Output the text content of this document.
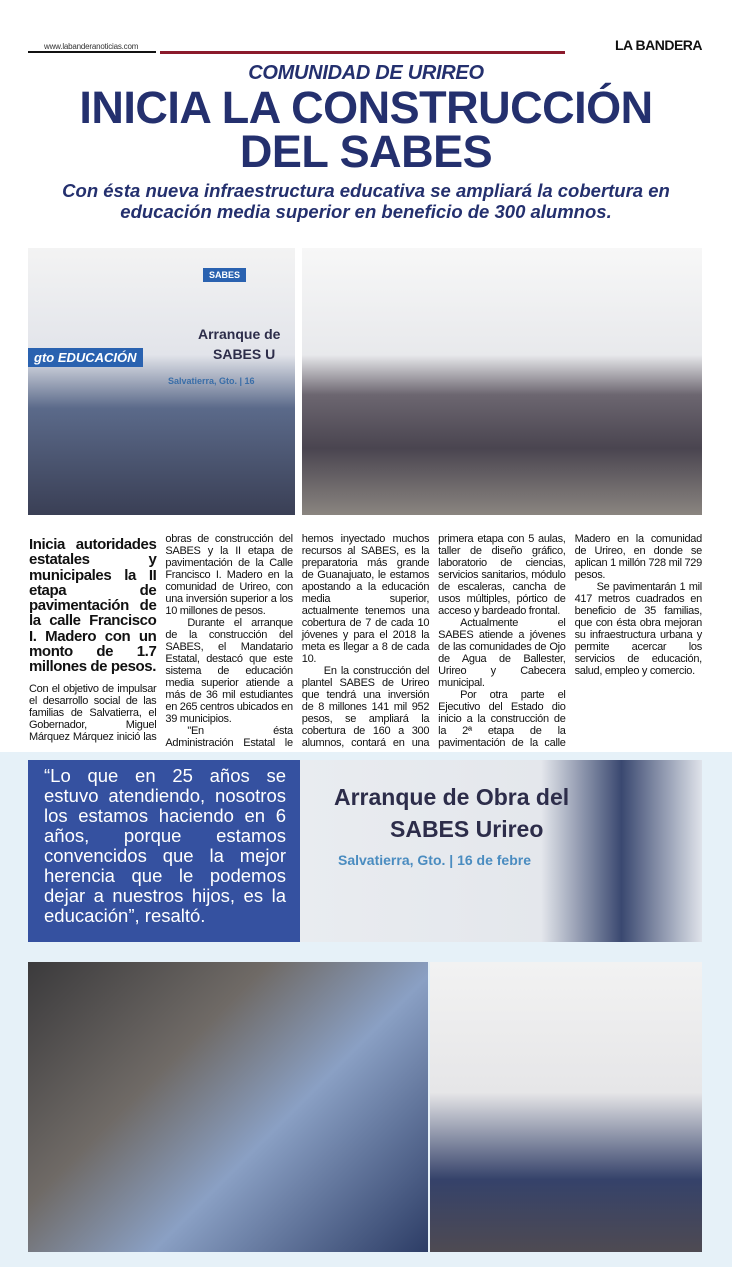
www.labanderanoticias.com	LA BANDERA
COMUNIDAD DE URIREO
INICIA LA CONSTRUCCIÓN
DEL SABES
Con ésta nueva infraestructura educativa se ampliará la cobertura en educación media superior en beneficio de 300 alumnos.
SABES
Arranque de
SABES U
Salvatierra, Gto. | 16
gto EDUCACIÓN
Inicia autoridades estatales y municipales la II etapa de pavimentación de la calle Francisco I. Madero con un monto de 1.7 millones de pesos.

Con el objetivo de impulsar el desarrollo social de las familias de Salvatierra, el Gobernador, Miguel Márquez Márquez inició las obras de construcción del SABES y la II etapa de pavimentación de la Calle Francisco I. Madero en la comunidad de Urireo, con una inversión superior a los 10 millones de pesos.

Durante el arranque de la construcción del SABES, el Mandatario Estatal, destacó que este sistema de educación media superior atiende a más de 36 mil estudiantes en 265 centros ubicados en 39 municipios.

"En ésta Administración Estatal le hemos inyectado muchos recursos al SABES, es la preparatoria más grande de Guanajuato, le estamos apostando a la educación media superior, actualmente tenemos una cobertura de 7 de cada 10 jóvenes y para el 2018 la meta es llegar a 8 de cada 10.

En la construcción del plantel SABES de Urireo que tendrá una inversión de 8 millones 141 mil 952 pesos, se ampliará la cobertura de 160 a 300 alumnos, contará en una primera etapa con 5 aulas, taller de diseño gráfico, laboratorio de ciencias, servicios sanitarios, módulo de escaleras, cancha de usos múltiples, pórtico de acceso y bardeado frontal.

Actualmente el SABES atiende a jóvenes de las comunidades de Ojo de Agua de Ballester, Urireo y Cabecera municipal.

Por otra parte el Ejecutivo del Estado dio inicio a la construcción de la 2ª etapa de la pavimentación de la calle Madero en la comunidad de Urireo, en donde se aplican 1 millón 728 mil 729 pesos.

Se pavimentarán 1 mil 417 metros cuadrados en beneficio de 35 familias, que con ésta obra mejoran su infraestructura urbana y permite acercar los servicios de educación, salud, empleo y comercio.

“Lo que en 25 años se estuvo atendiendo, nosotros los estamos haciendo en 6 años, porque estamos convencidos que la mejor herencia que le podemos dejar a nuestros hijos, es la educación”, resaltó.
Arranque de Obra del
SABES Urireo
Salvatierra, Gto. | 16 de febre
